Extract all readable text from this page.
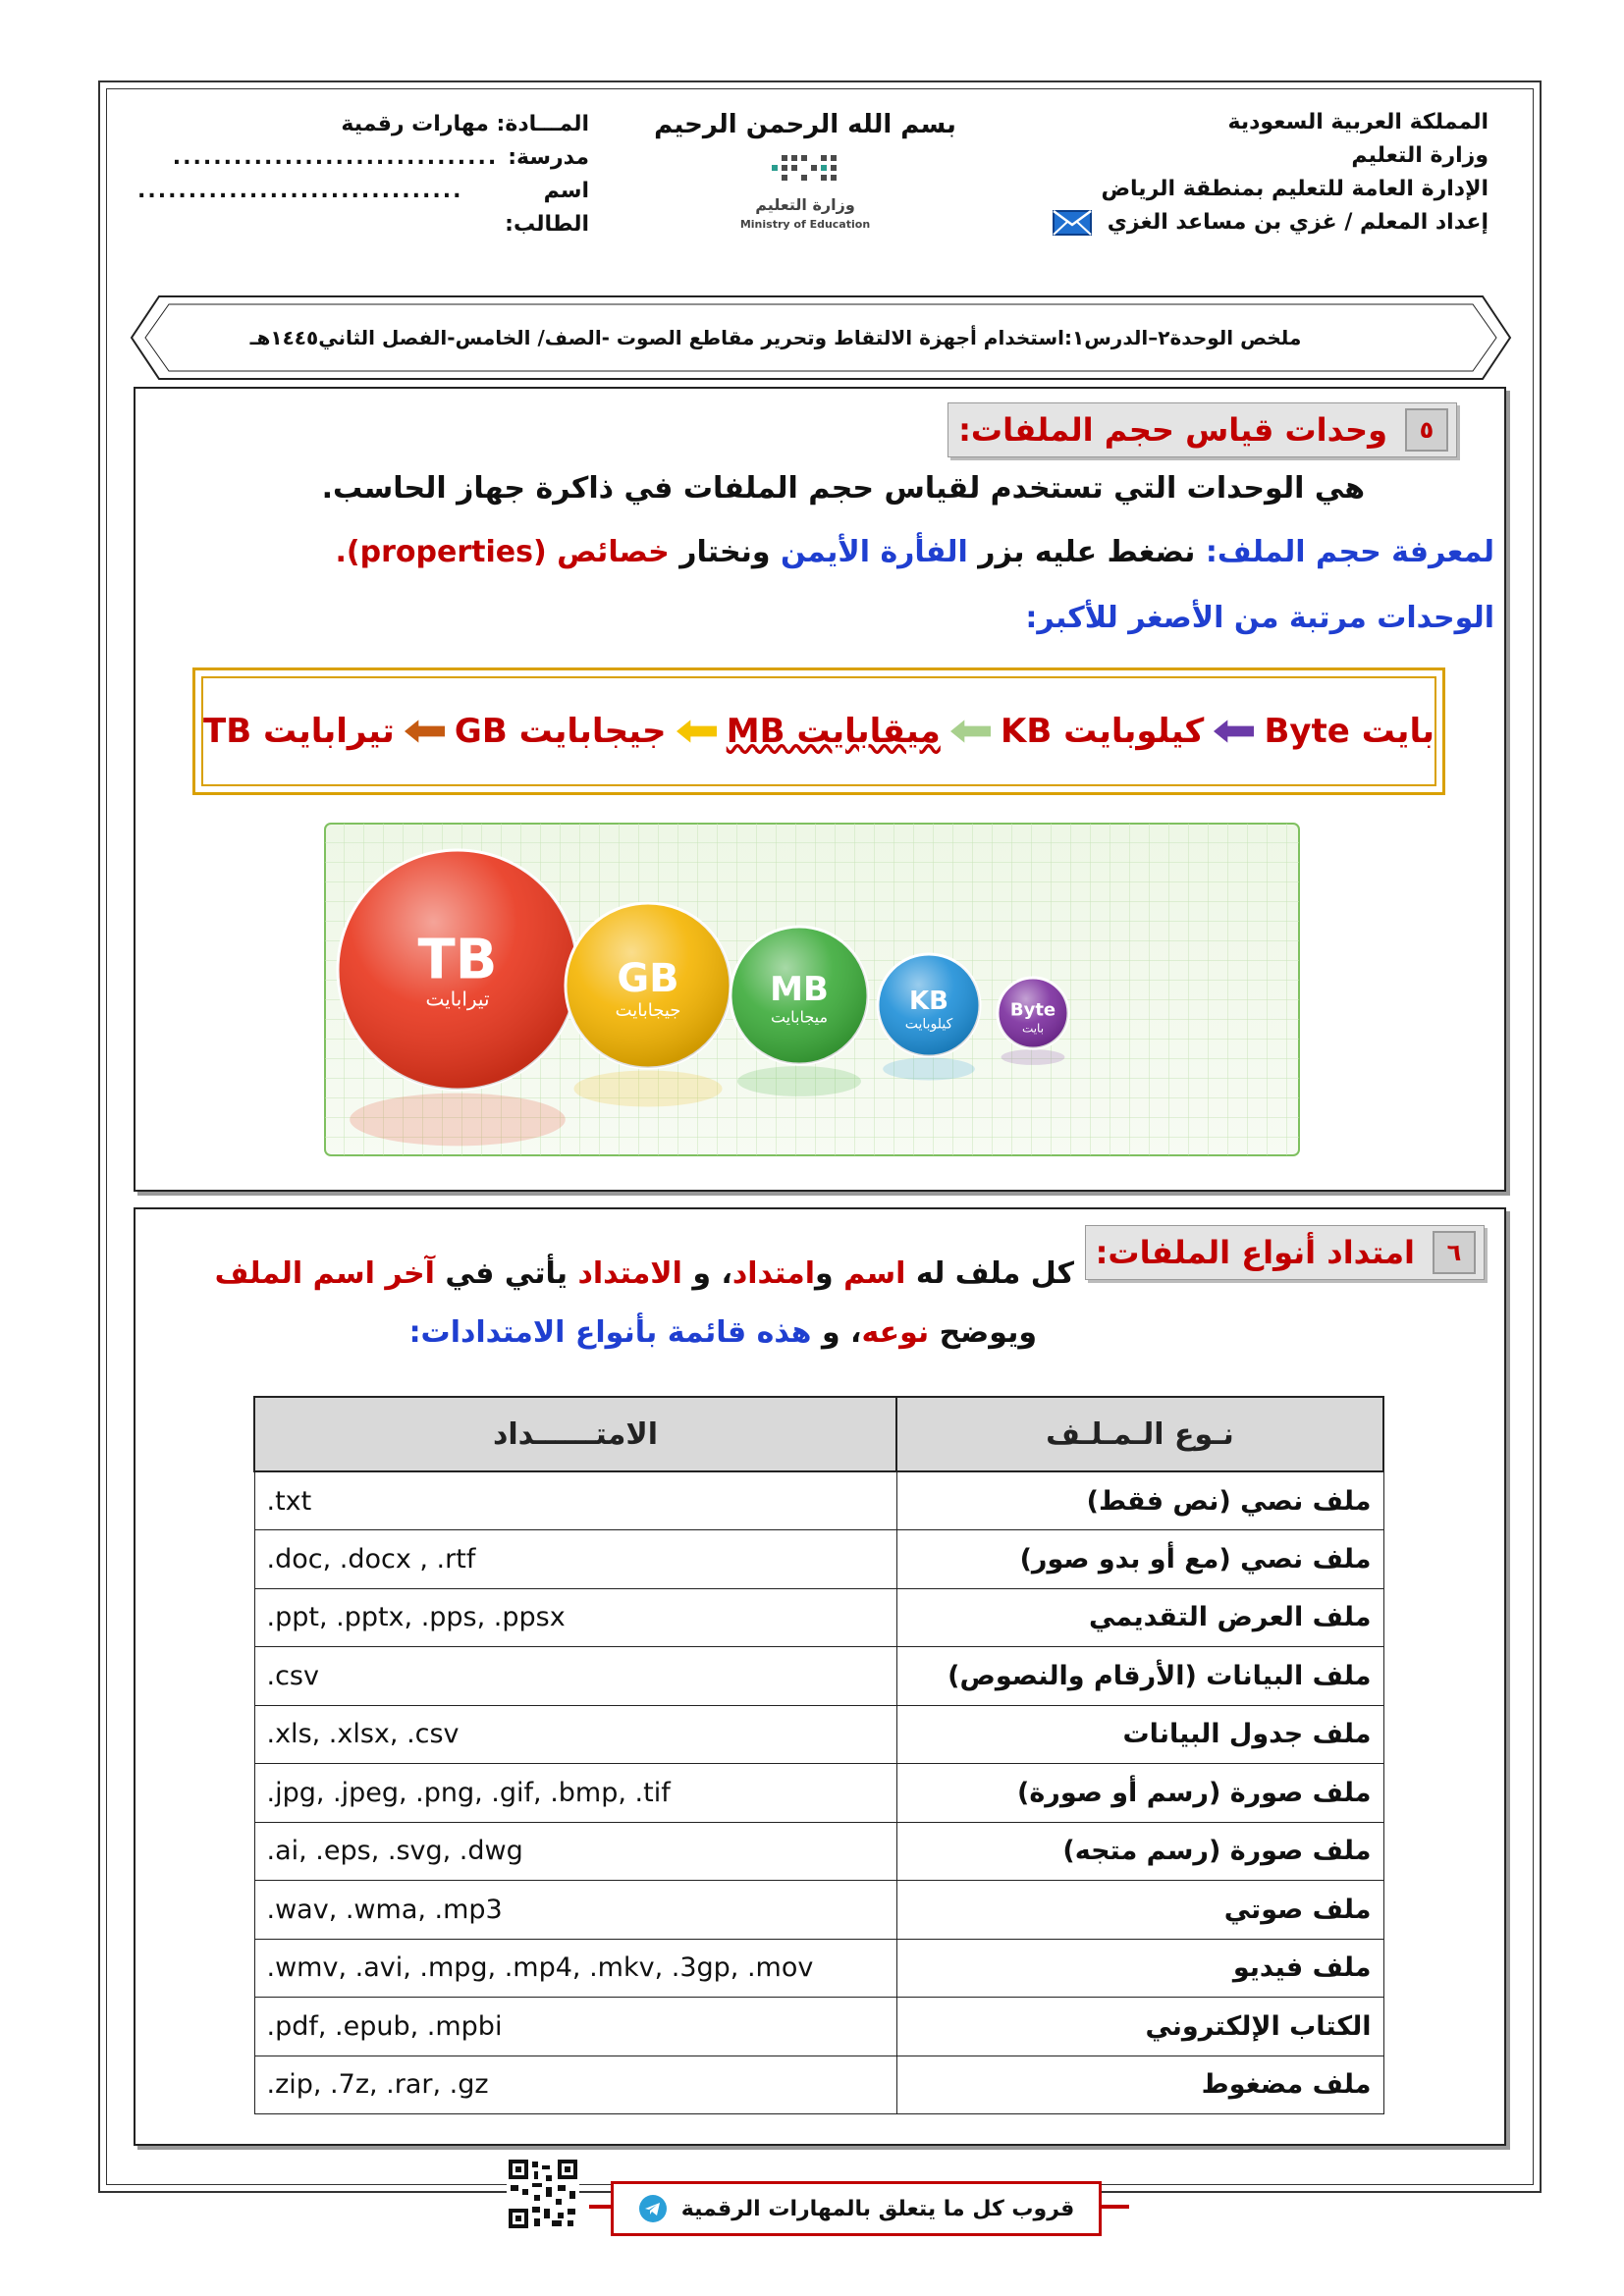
المملكة العربية السعودية
وزارة التعليم
الإدارة العامة للتعليم بمنطقة الرياض
إعداد المعلم / غزي بن مساعد الغزي
بسم الله الرحمن الرحيم
وزارة التعليم
Ministry of Education
المـــادة: مهارات رقمية
مدرسة:
................................
اسم الطالب:
................................
ملخص الوحدة٢–الدرس١:استخدام أجهزة الالتقاط وتحرير مقاطع الصوت -الصف/ الخامس-الفصل الثاني١٤٤٥هـ
٥
وحدات قياس حجم الملفات:
هي الوحدات التي تستخدم لقياس حجم الملفات في ذاكرة جهاز الحاسب.
لمعرفة حجم الملف: نضغط عليه بزر الفأرة الأيمن ونختار خصائص (properties).
الوحدات مرتبة من الأصغر للأكبر:
بايت Byte
كيلوبايت KB
ميقابايت MB
جيجابايت GB
تيرابايت TB
TB
تيرابايت	GB
جيجابايت
MB
ميجابايت
KB
كيلوبايت
Byte
بايت
٦
امتداد أنواع الملفات:
كل ملف له اسم وامتداد، و الامتداد يأتي في آخر اسم الملف
ويوضح نوعه، و هذه قائمة بأنواع الامتدادات:
نـوع الـمـلـف	الامتــــــداد
ملف نصي (نص فقط)	.txt
ملف نصي (مع أو بدو صور)	.doc, .docx , .rtf
ملف العرض التقديمي	.ppt, .pptx, .pps, .ppsx
ملف البيانات (الأرقام والنصوص)	.csv
ملف جدول البيانات	.xls, .xlsx, .csv
ملف صورة (رسم أو صورة)	.jpg, .jpeg, .png, .gif, .bmp, .tif
ملف صورة (رسم متجه)	.ai, .eps, .svg, .dwg
ملف صوتي	.wav, .wma, .mp3
ملف فيديو	.wmv, .avi, .mpg, .mp4, .mkv, .3gp, .mov
الكتاب الإلكتروني	.pdf, .epub, .mpbi
ملف مضغوط	.zip, .7z, .rar, .gz
قروب كل ما يتعلق بالمهارات الرقمية
